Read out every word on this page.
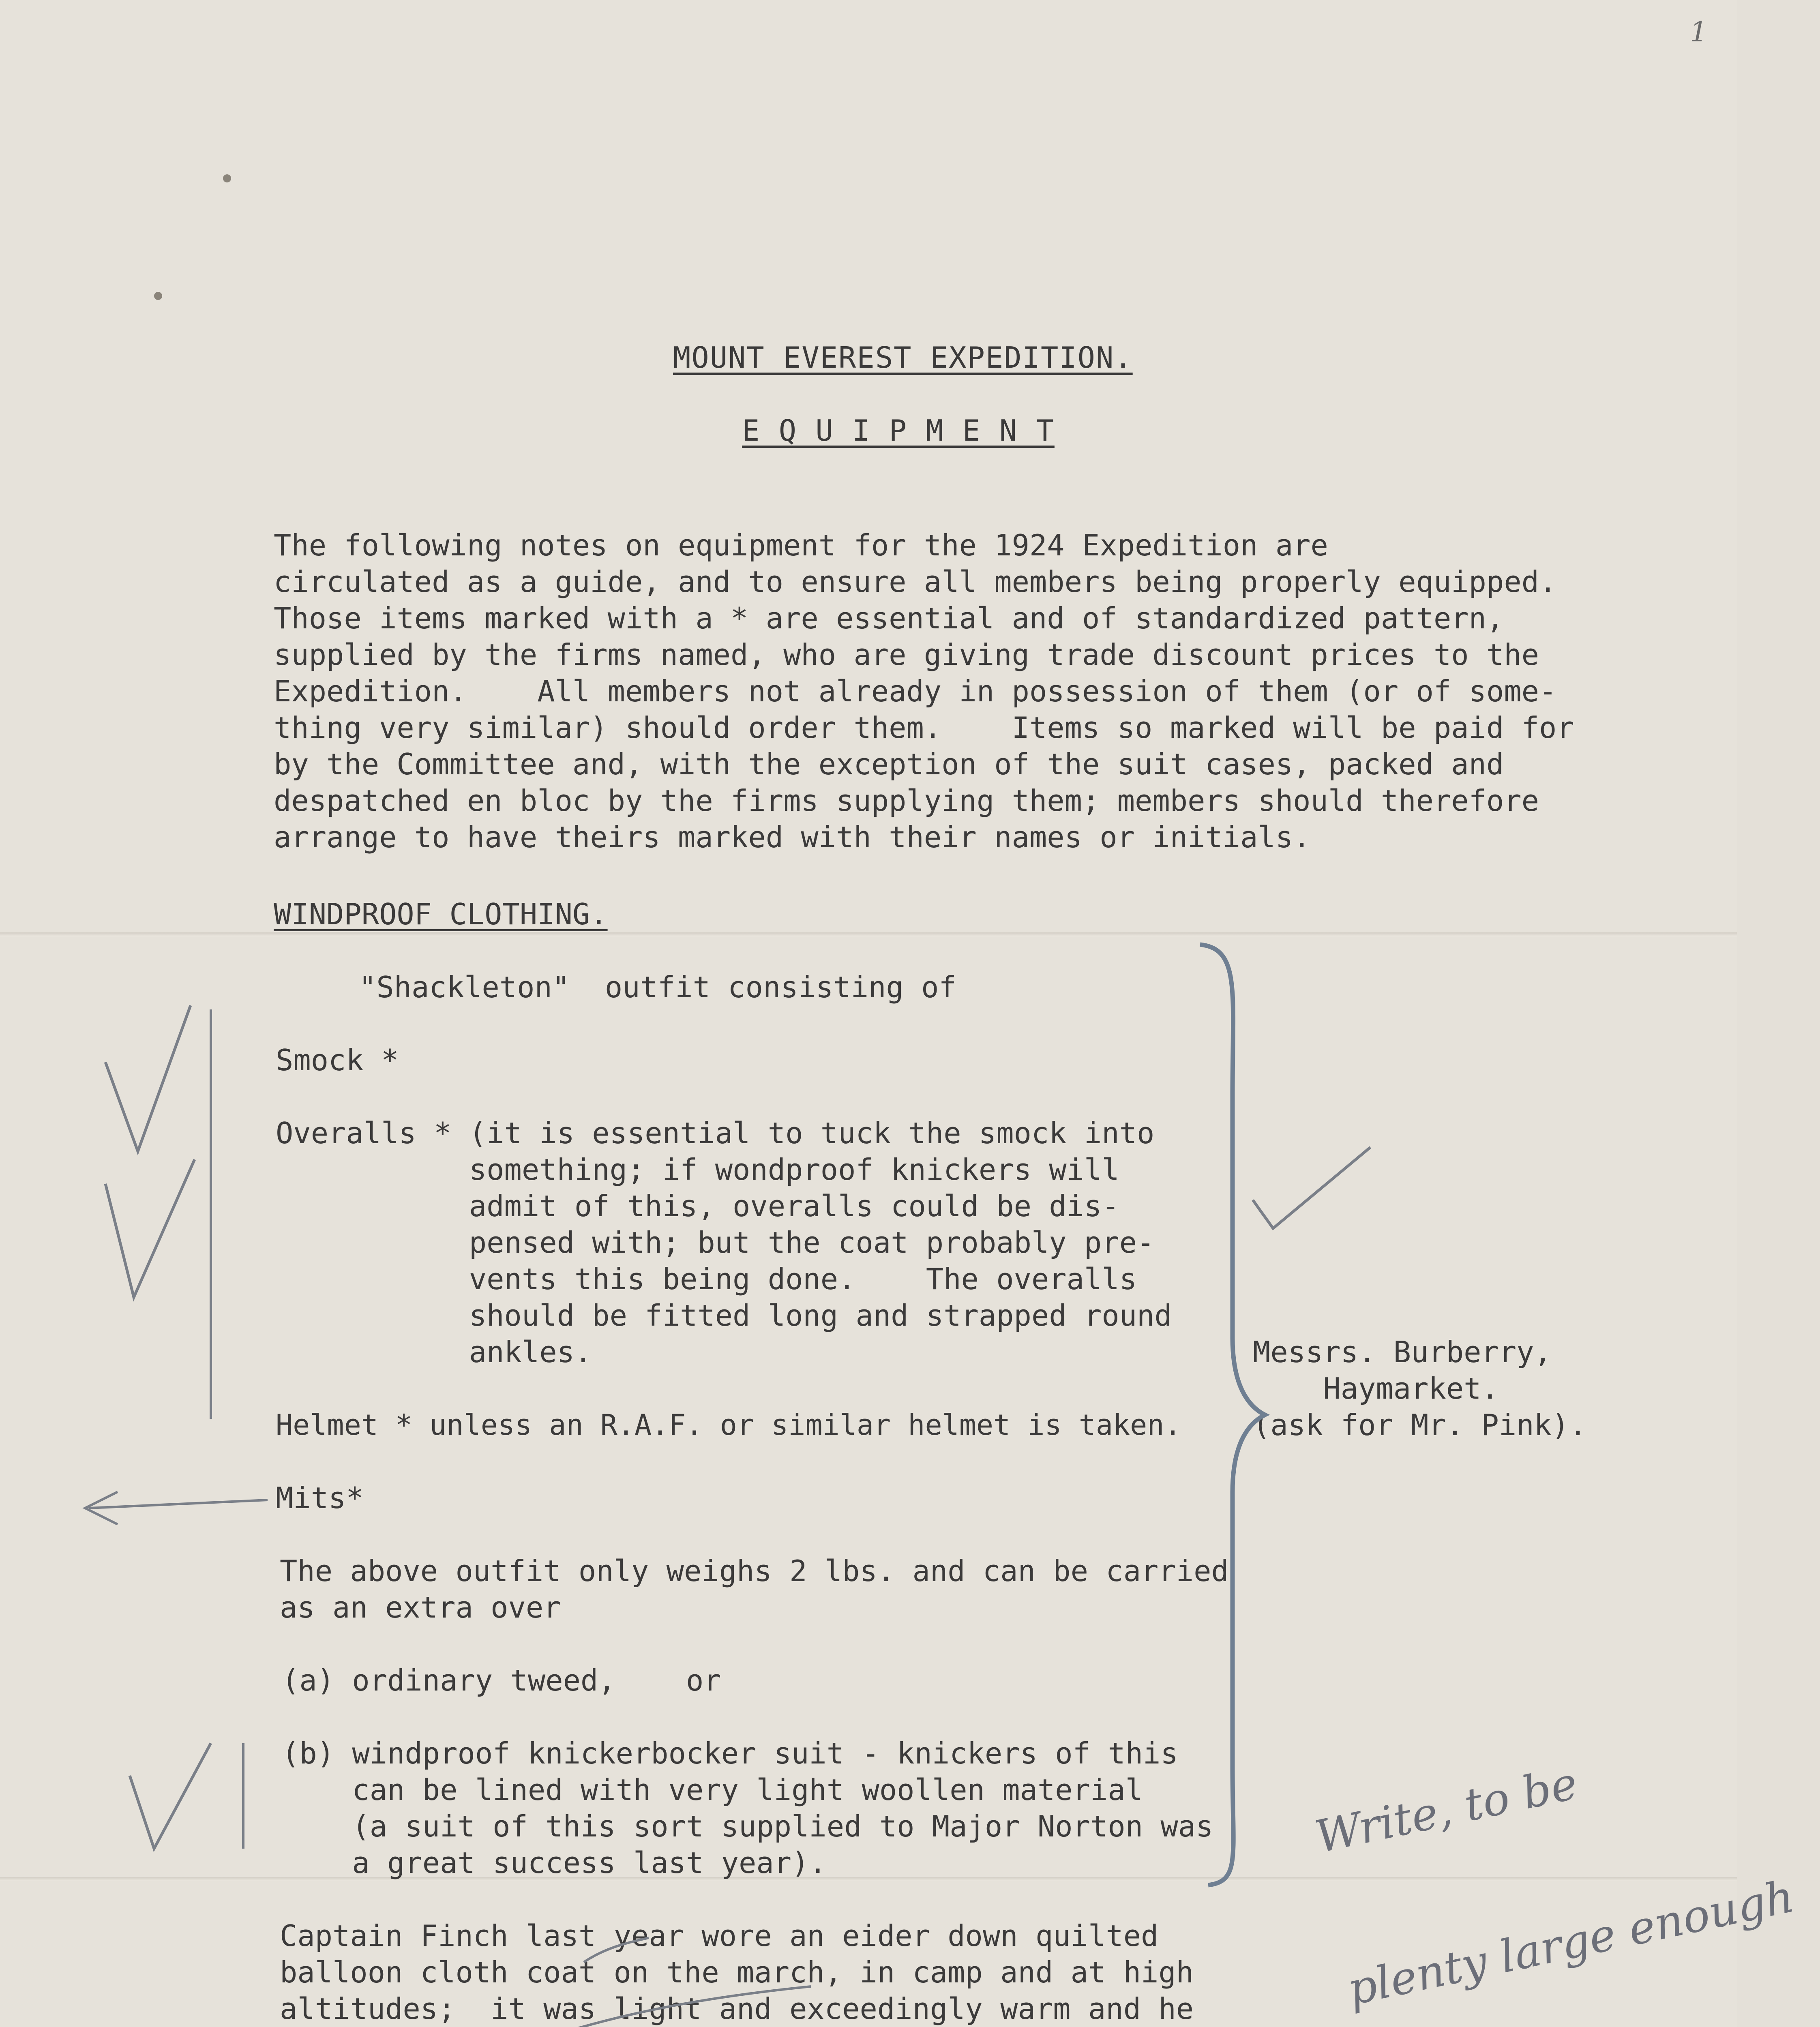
1
MOUNT EVEREST EXPEDITION.
E Q U I P M E N T
The following notes on equipment for the 1924 Expedition are
circulated as a guide, and to ensure all members being properly equipped.
Those items marked with a * are essential and of standardized pattern,
supplied by the firms named, who are giving trade discount prices to the
Expedition.    All members not already in possession of them (or of some-
thing very similar) should order them.    Items so marked will be paid for
by the Committee and, with the exception of the suit cases, packed and
despatched en bloc by the firms supplying them; members should therefore
arrange to have theirs marked with their names or initials.
WINDPROOF CLOTHING.
"Shackleton"  outfit consisting of
Smock *
Overalls * (it is essential to tuck the smock into
something; if wondproof knickers will
admit of this, overalls could be dis-
pensed with; but the coat probably pre-
vents this being done.    The overalls
should be fitted long and strapped round
ankles.
Helmet * unless an R.A.F. or similar helmet is taken.
Mits*
The above outfit only weighs 2 lbs. and can be carried
as an extra over
(a) ordinary tweed,    or
(b) windproof knickerbocker suit - knickers of this
can be lined with very light woollen material
(a suit of this sort supplied to Major Norton was
a great success last year).
Messrs. Burberry,
Haymarket.
(ask for Mr. Pink).
Captain Finch last year wore an eider down quilted
balloon cloth coat on the march, in camp and at high
altitudes;  it was light and exceedingly warm and he

Write, to be

plenty large enough
